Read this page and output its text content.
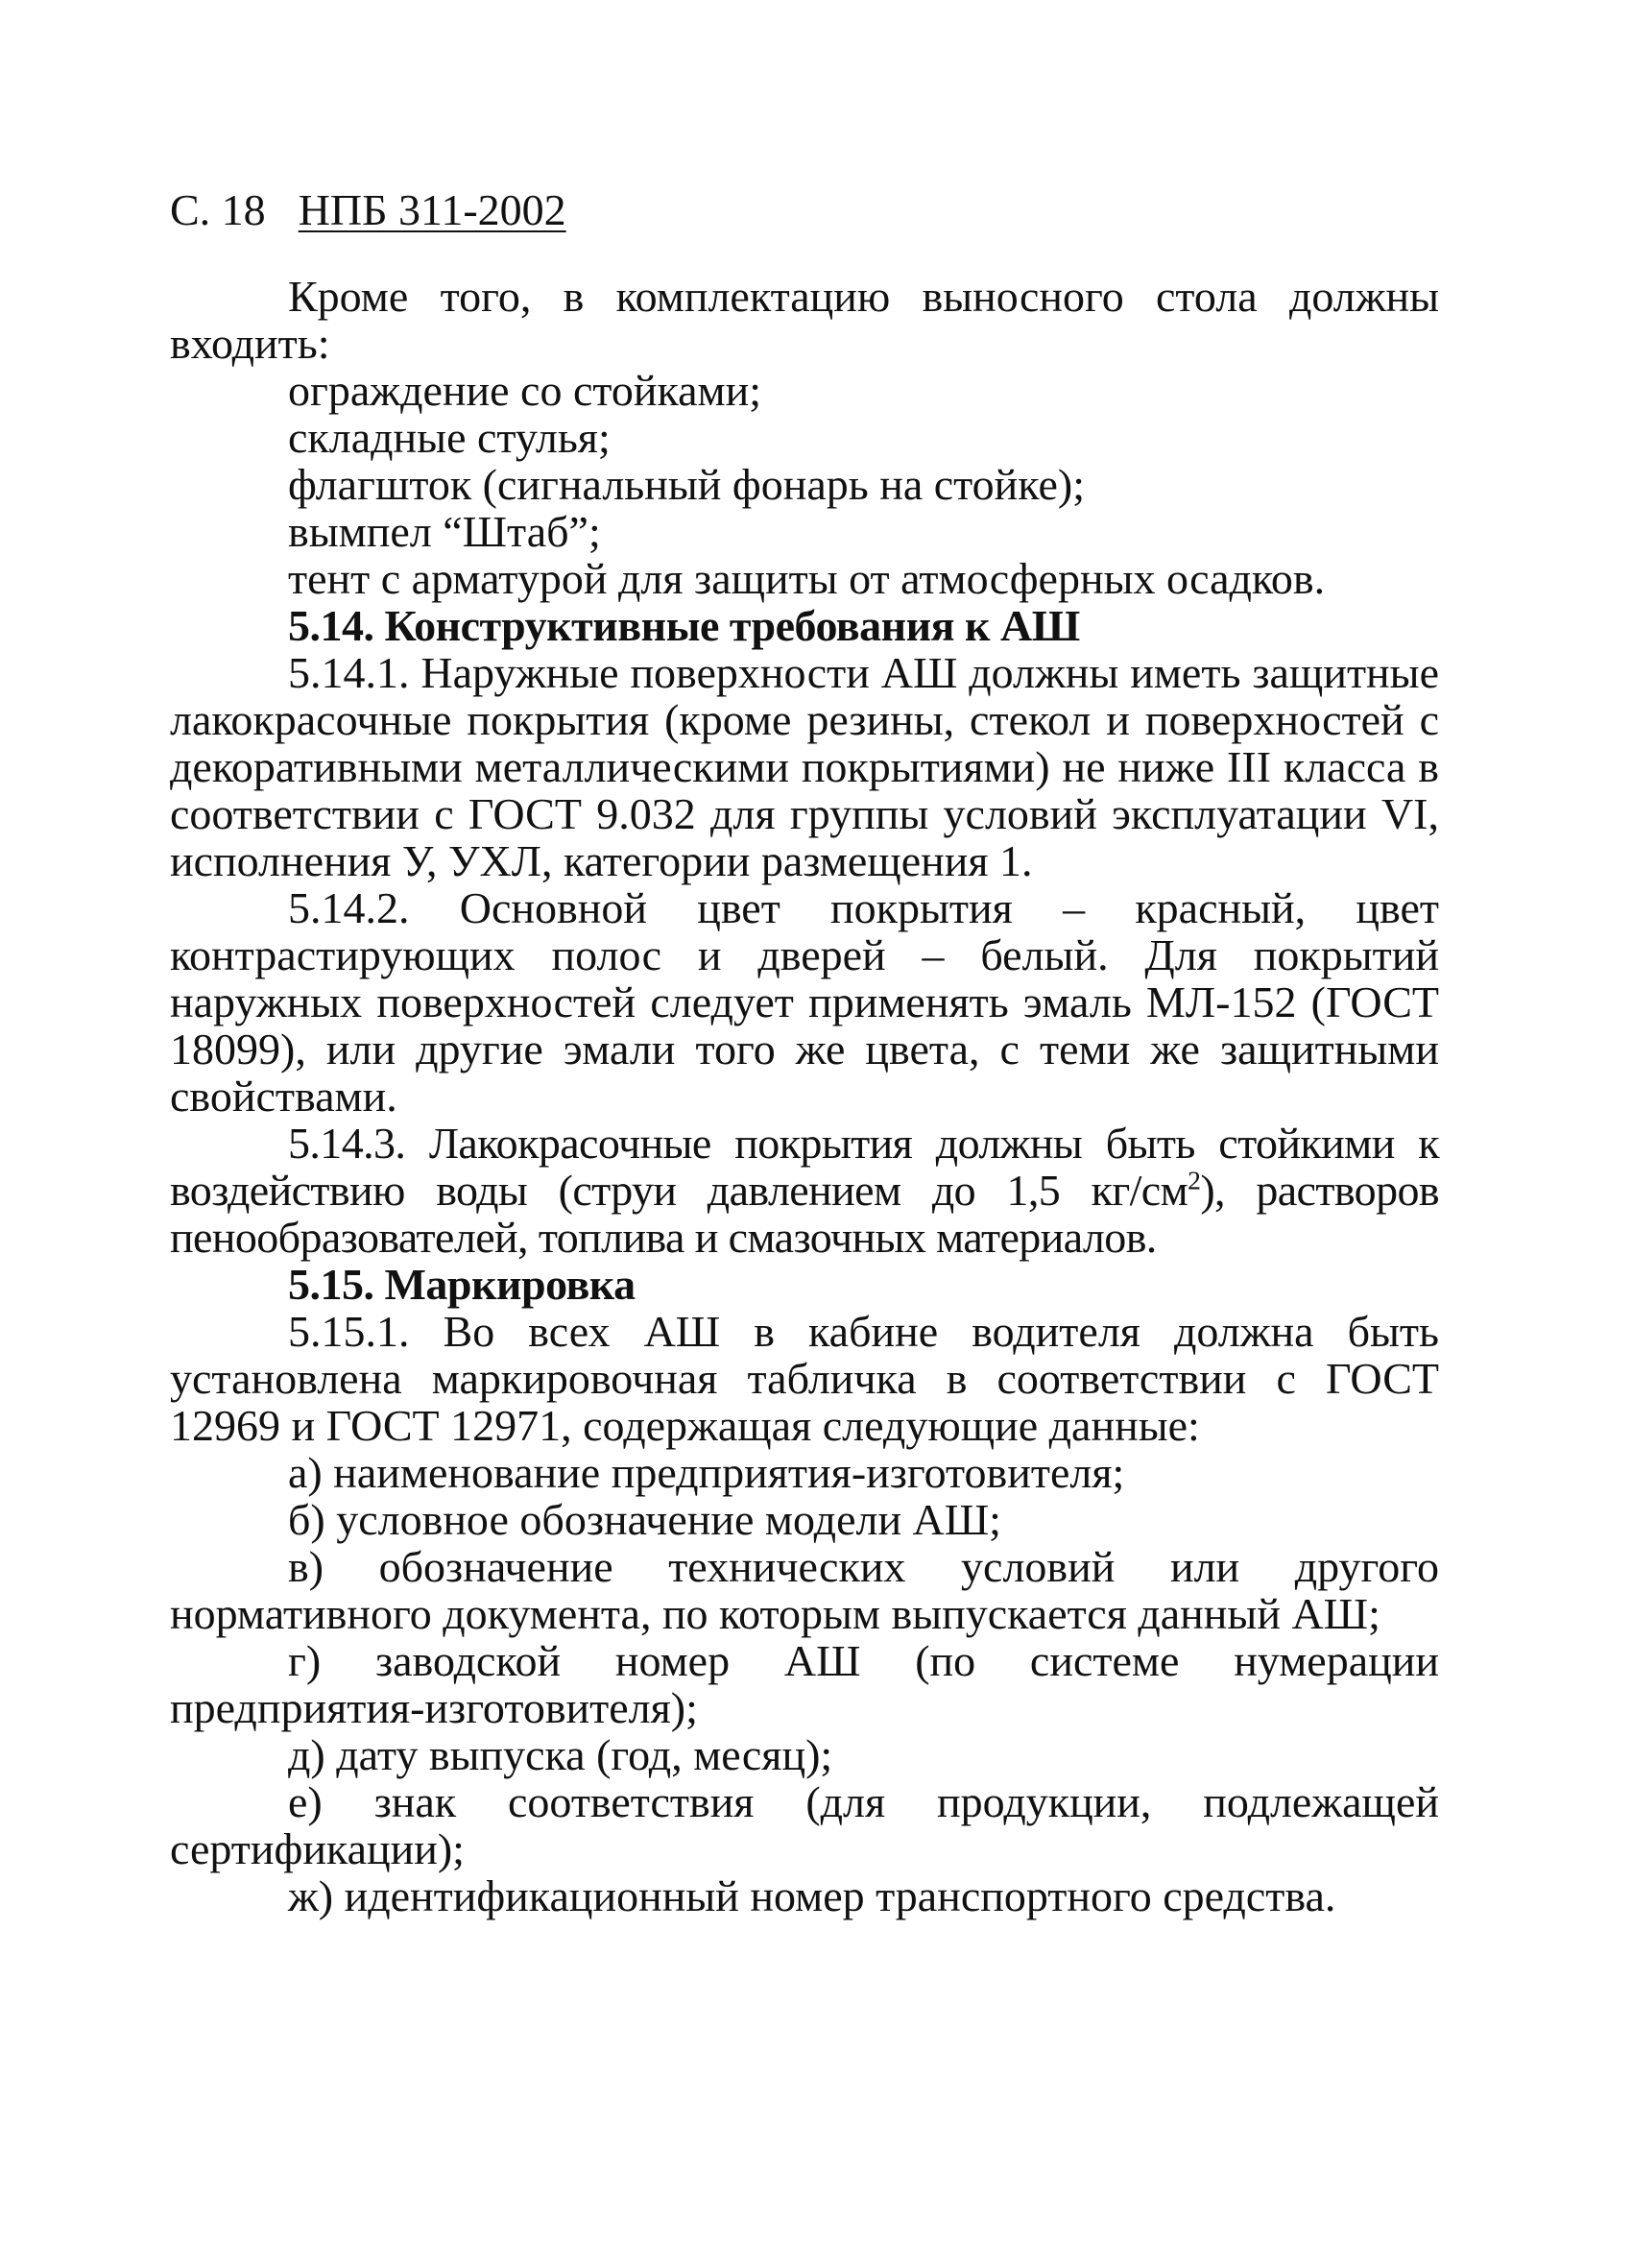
С. 18 НПБ 311-2002

Кроме того, в комплектацию выносного стола должны входить:

ограждение со стойками;

складные стулья;

флагшток (сигнальный фонарь на стойке);

вымпел “Штаб”;

тент с арматурой для защиты от атмосферных осадков.

5.14. Конструктивные требования к АШ

5.14.1. Наружные поверхности АШ должны иметь защитные лакокрасочные покрытия (кроме резины, стекол и поверхностей с декоративными металлическими покрытиями) не ниже III класса в соответствии с ГОСТ 9.032 для группы условий эксплуатации VI, исполнения У, УХЛ, категории размещения 1.

5.14.2. Основной цвет покрытия – красный, цвет контрастирующих полос и дверей – белый. Для покрытий наружных поверхностей следует применять эмаль МЛ-152 (ГОСТ 18099), или другие эмали того же цвета, с теми же защитными свойствами.

5.14.3. Лакокрасочные покрытия должны быть стойкими к воздействию воды (струи давлением до 1,5 $кг/см^2$), растворов пенообразователей, топлива и смазочных материалов.

5.15. Маркировка

5.15.1. Во всех АШ в кабине водителя должна быть установлена маркировочная табличка в соответствии с ГОСТ 12969 и ГОСТ 12971, содержащая следующие данные:

а) наименование предприятия-изготовителя;

б) условное обозначение модели АШ;

в) обозначение технических условий или другого нормативного документа, по которым выпускается данный АШ;

г) заводской номер АШ (по системе нумерации предприятия-изготовителя);

д) дату выпуска (год, месяц);

е) знак соответствия (для продукции, подлежащей сертификации);

ж) идентификационный номер транспортного средства.
